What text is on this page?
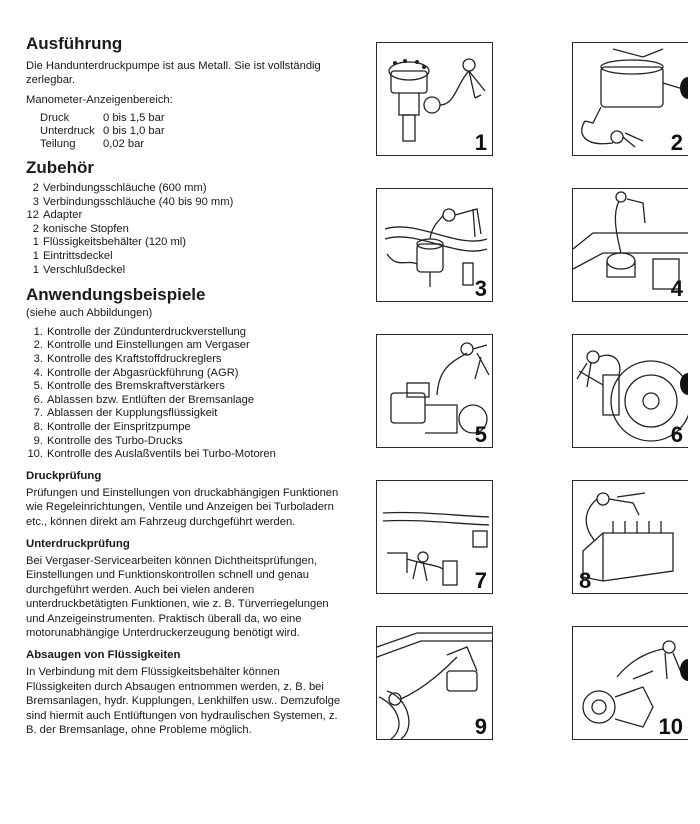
Ausführung

Die Handunterdruckpumpe ist aus Metall. Sie ist vollständig zerlegbar.

Manometer-Anzeigenbereich:

Druck	0 bis 1,5 bar
Unterdruck 0 bis 1,0 bar
Teilung	0,02 bar
Zubehör
2 Verbindungsschläuche (600 mm)
3 Verbindungsschläuche (40 bis 90 mm)
12 Adapter
2 konische Stopfen
1 Flüssigkeitsbehälter (120 ml)
1 Eintrittsdeckel
1 Verschlußdeckel
Anwendungsbeispiele

(siehe auch Abbildungen)

1. Kontrolle der Zündunterdruckverstellung
2. Kontrolle und Einstellungen am Vergaser
3. Kontrolle des Kraftstoffdruckreglers
4. Kontrolle der Abgasrückführung (AGR)
5. Kontrolle des Bremskraftverstärkers
6. Ablassen bzw. Entlüften der Bremsanlage
7. Ablassen der Kupplungsflüssigkeit
8. Kontrolle der Einspritzpumpe
9. Kontrolle des Turbo-Drucks
10. Kontrolle des Auslaßventils bei Turbo-Motoren
Druckprüfung

Prüfungen und Einstellungen von druckabhängigen Funktionen wie Regeleinrichtungen, Ventile und Anzeigen bei Turboladern etc., können direkt am Fahrzeug durchgeführt werden.

Unterdruckprüfung

Bei Vergaser-Servicearbeiten können Dichtheitsprüfungen, Einstellungen und Funktionskontrollen schnell und genau durchgeführt werden. Auch bei vielen anderen unterdruckbetätigten Funktionen, wie z. B. Türverriegelungen und Anzeigeinstrumenten. Praktisch überall da, wo eine motorunabhängige Unterdruckerzeugung benötigt wird.

Absaugen von Flüssigkeiten

In Verbindung mit dem Flüssigkeitsbehälter können Flüssigkeiten durch Absaugen entnommen werden, z. B. bei Bremsanlagen, hydr. Kupplungen, Lenkhilfen usw.. Demzufolge sind hiermit auch Entlüftungen von hydraulischen Systemen, z. B. der Bremsanlage, ohne Probleme möglich.

1
3
5
7
9
2
4
6
8
10
